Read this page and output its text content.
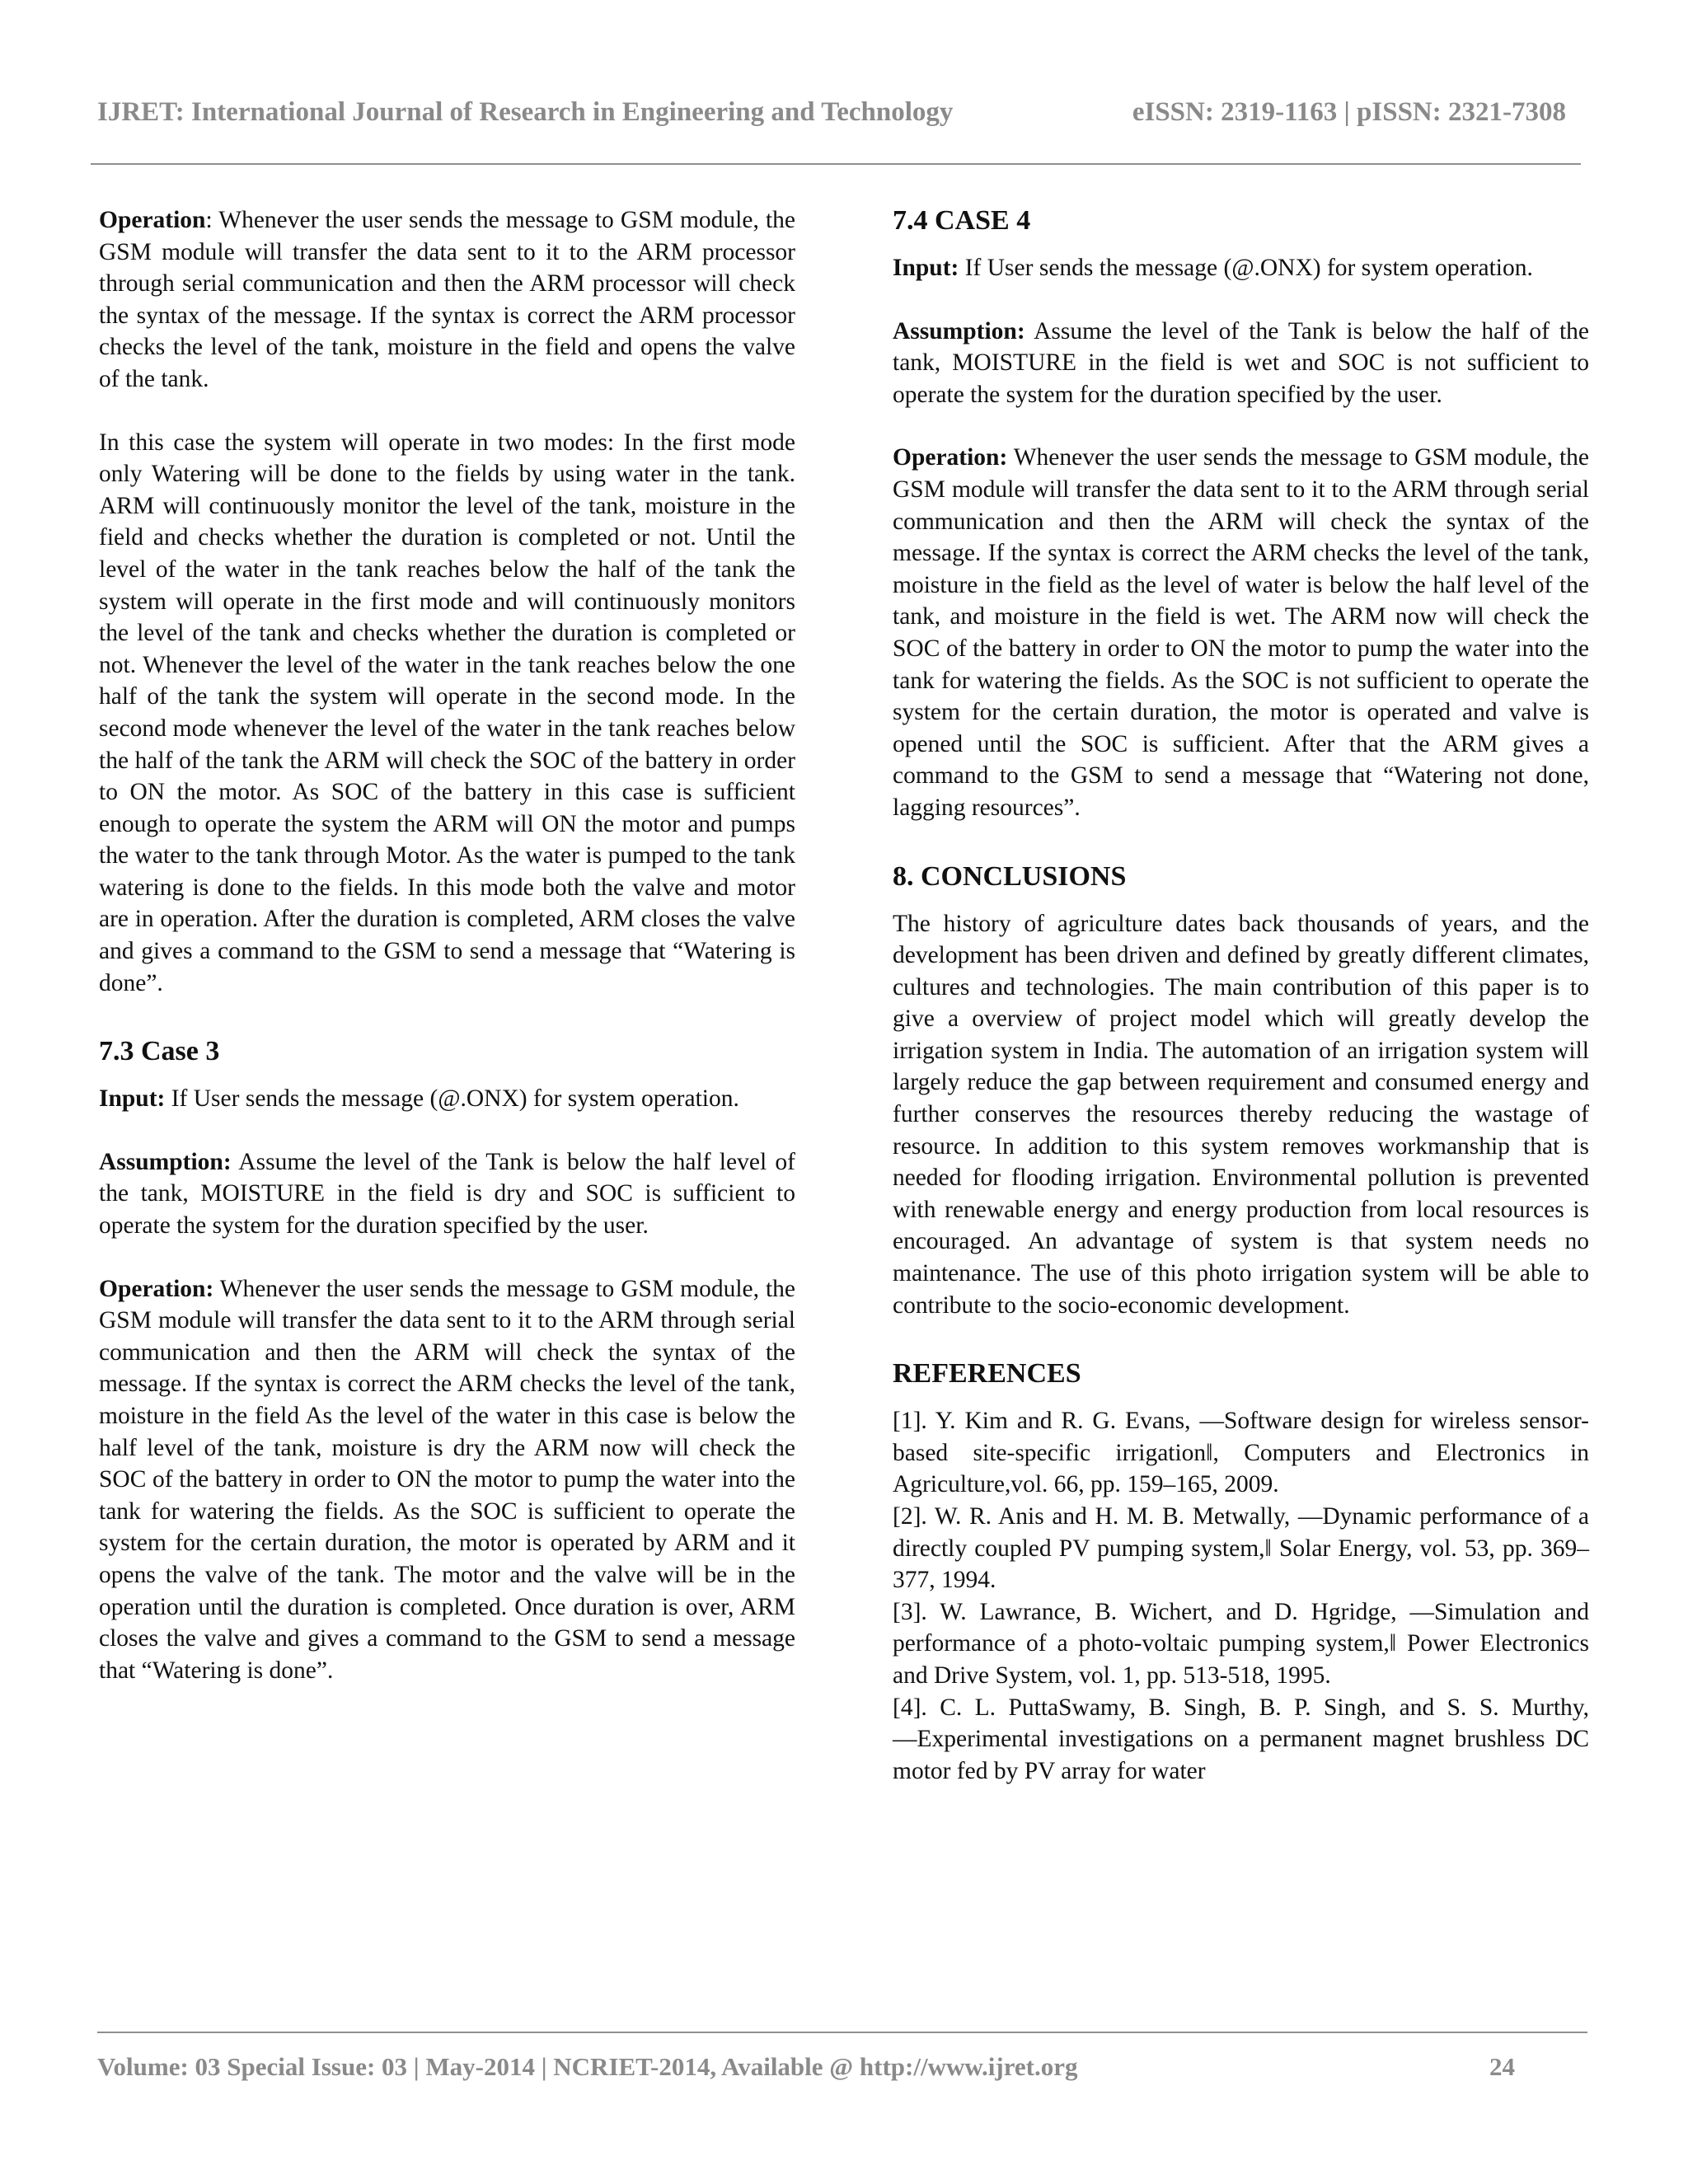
IJRET: International Journal of Research in Engineering and Technology	eISSN: 2319-1163 | pISSN: 2321-7308

Operation: Whenever the user sends the message to GSM module, the GSM module will transfer the data sent to it to the ARM processor through serial communication and then the ARM processor will check the syntax of the message. If the syntax is correct the ARM processor checks the level of the tank, moisture in the field and opens the valve of the tank.

In this case the system will operate in two modes: In the first mode only Watering will be done to the fields by using water in the tank. ARM will continuously monitor the level of the tank, moisture in the field and checks whether the duration is completed or not. Until the level of the water in the tank reaches below the half of the tank the system will operate in the first mode and will continuously monitors the level of the tank and checks whether the duration is completed or not. Whenever the level of the water in the tank reaches below the one half of the tank the system will operate in the second mode. In the second mode whenever the level of the water in the tank reaches below the half of the tank the ARM will check the SOC of the battery in order to ON the motor. As SOC of the battery in this case is sufficient enough to operate the system the ARM will ON the motor and pumps the water to the tank through Motor. As the water is pumped to the tank watering is done to the fields. In this mode both the valve and motor are in operation. After the duration is completed, ARM closes the valve and gives a command to the GSM to send a message that “Watering is done”.

7.3 Case 3

Input: If User sends the message (@.ONX) for system operation.

Assumption: Assume the level of the Tank is below the half level of the tank, MOISTURE in the field is dry and SOC is sufficient to operate the system for the duration specified by the user.

Operation: Whenever the user sends the message to GSM module, the GSM module will transfer the data sent to it to the ARM through serial communication and then the ARM will check the syntax of the message. If the syntax is correct the ARM checks the level of the tank, moisture in the field As the level of the water in this case is below the half level of the tank, moisture is dry the ARM now will check the SOC of the battery in order to ON the motor to pump the water into the tank for watering the fields. As the SOC is sufficient to operate the system for the certain duration, the motor is operated by ARM and it opens the valve of the tank. The motor and the valve will be in the operation until the duration is completed. Once duration is over, ARM closes the valve and gives a command to the GSM to send a message that “Watering is done”.

7.4 CASE 4

Input: If User sends the message (@.ONX) for system operation.

Assumption: Assume the level of the Tank is below the half of the tank, MOISTURE in the field is wet and SOC is not sufficient to operate the system for the duration specified by the user.

Operation: Whenever the user sends the message to GSM module, the GSM module will transfer the data sent to it to the ARM through serial communication and then the ARM will check the syntax of the message. If the syntax is correct the ARM checks the level of the tank, moisture in the field as the level of water is below the half level of the tank, and moisture in the field is wet. The ARM now will check the SOC of the battery in order to ON the motor to pump the water into the tank for watering the fields. As the SOC is not sufficient to operate the system for the certain duration, the motor is operated and valve is opened until the SOC is sufficient. After that the ARM gives a command to the GSM to send a message that “Watering not done, lagging resources”.

8. CONCLUSIONS

The history of agriculture dates back thousands of years, and the development has been driven and defined by greatly different climates, cultures and technologies. The main contribution of this paper is to give a overview of project model which will greatly develop the irrigation system in India. The automation of an irrigation system will largely reduce the gap between requirement and consumed energy and further conserves the resources thereby reducing the wastage of resource. In addition to this system removes workmanship that is needed for flooding irrigation. Environmental pollution is prevented with renewable energy and energy production from local resources is encouraged. An advantage of system is that system needs no maintenance. The use of this photo irrigation system will be able to contribute to the socio-economic development.

REFERENCES

[1]. Y. Kim and R. G. Evans, ―Software design for wireless sensor-based site-specific irrigation‖, Computers and Electronics in Agriculture,vol. 66, pp. 159–165, 2009.

[2]. W. R. Anis and H. M. B. Metwally, ―Dynamic performance of a directly coupled PV pumping system,‖ Solar Energy, vol. 53, pp. 369–377, 1994.

[3]. W. Lawrance, B. Wichert, and D. Hgridge, ―Simulation and performance of a photo-voltaic pumping system,‖ Power Electronics and Drive System, vol. 1, pp. 513-518, 1995.

[4]. C. L. PuttaSwamy, B. Singh, B. P. Singh, and S. S. Murthy, ―Experimental investigations on a permanent magnet brushless DC motor fed by PV array for water

Volume: 03 Special Issue: 03 | May-2014 | NCRIET-2014, Available @ http://www.ijret.org	24
